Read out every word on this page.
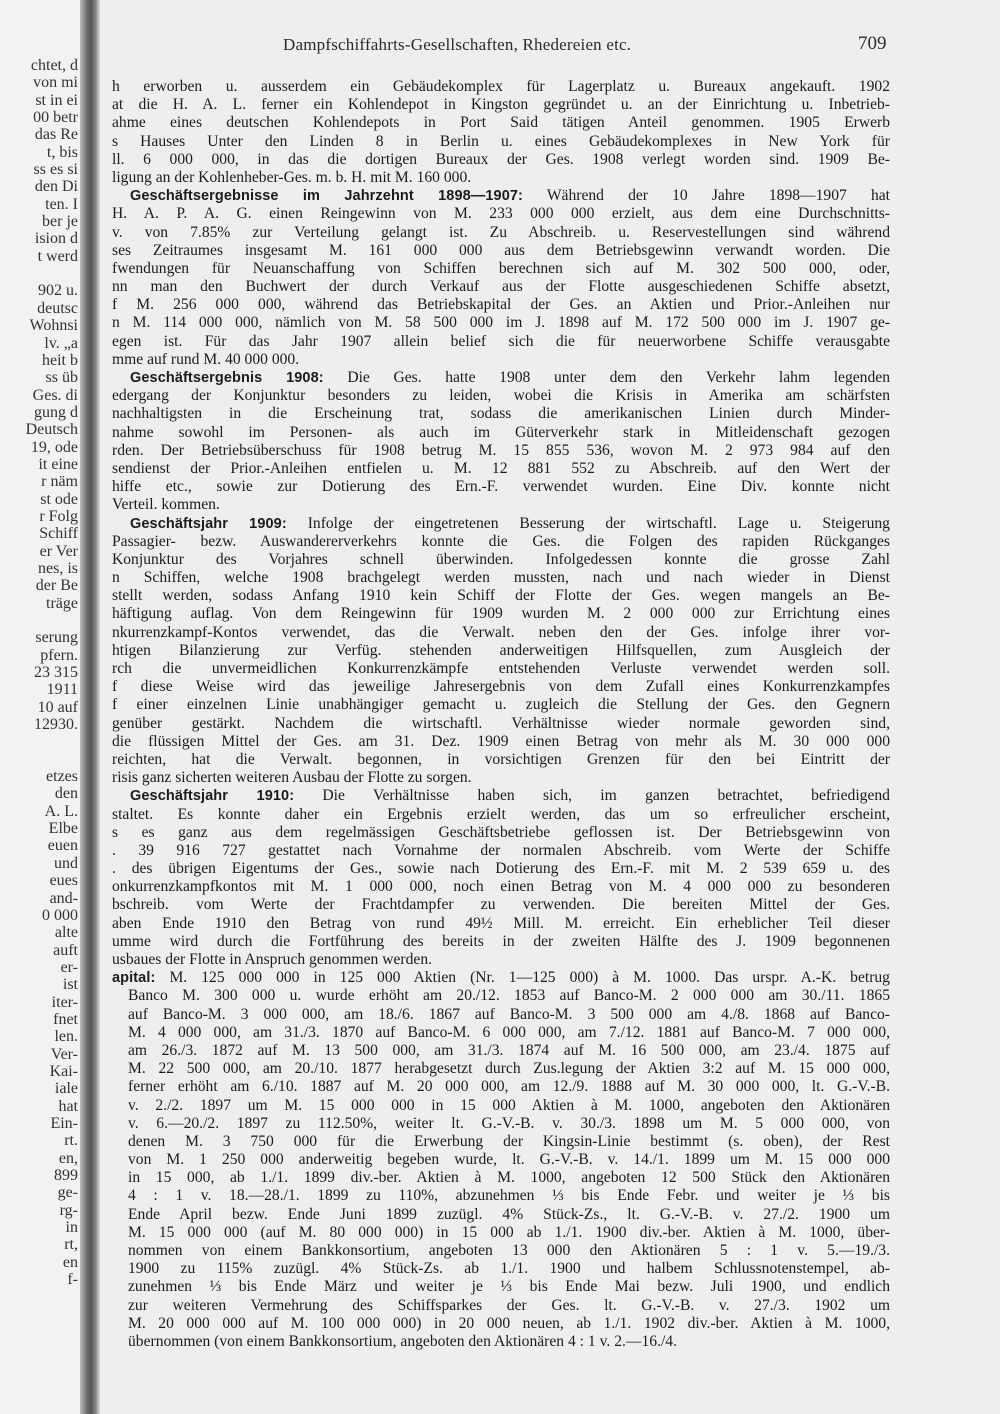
chtet, d
von mi
st in ei
00 betr
das Re
t, bis
ss es si
den Di
ten. I
ber je
ision d
t werd
902 u.
deutsc
Wohnsi
lv. „a
heit b
ss üb
Ges. di
gung d
Deutsch
19, ode
it eine
r näm
st ode
r Folg
Schiff
er Ver
nes, is
der Be
träge
serung
pfern.
23 315
1911
10 auf
12930.
etzes
den
A. L.
Elbe
euen
und
eues
and-
0 000
alte
auft
er-
ist
iter-
fnet
len.
Ver-
Kai-
iale
hat
Ein-
rt.
en,
899
ge-
rg-
in
rt,
en
f-
Dampfschiffahrts-Gesellschaften, Rhedereien etc.	709
h erworben u. ausserdem ein Gebäudekomplex für Lagerplatz u. Bureaux angekauft. 1902
at die H. A. L. ferner ein Kohlendepot in Kingston gegründet u. an der Einrichtung u. Inbetrieb-
ahme eines deutschen Kohlendepots in Port Said tätigen Anteil genommen. 1905 Erwerb
s Hauses Unter den Linden 8 in Berlin u. eines Gebäudekomplexes in New York für
ll. 6 000 000, in das die dortigen Bureaux der Ges. 1908 verlegt worden sind. 1909 Be-
ligung an der Kohlenheber-Ges. m. b. H. mit M. 160 000.
Geschäftsergebnisse im Jahrzehnt 1898—1907: Während der 10 Jahre 1898—1907 hat
H. A. P. A. G. einen Reingewinn von M. 233 000 000 erzielt, aus dem eine Durchschnitts-
v. von 7.85% zur Verteilung gelangt ist. Zu Abschreib. u. Reservestellungen sind während
ses Zeitraumes insgesamt M. 161 000 000 aus dem Betriebsgewinn verwandt worden. Die
fwendungen für Neuanschaffung von Schiffen berechnen sich auf M. 302 500 000, oder,
nn man den Buchwert der durch Verkauf aus der Flotte ausgeschiedenen Schiffe absetzt,
f M. 256 000 000, während das Betriebskapital der Ges. an Aktien und Prior.-Anleihen nur
n M. 114 000 000, nämlich von M. 58 500 000 im J. 1898 auf M. 172 500 000 im J. 1907 ge-
egen ist. Für das Jahr 1907 allein belief sich die für neuerworbene Schiffe verausgabte
mme auf rund M. 40 000 000.
Geschäftsergebnis 1908: Die Ges. hatte 1908 unter dem den Verkehr lahm legenden
edergang der Konjunktur besonders zu leiden, wobei die Krisis in Amerika am schärfsten
nachhaltigsten in die Erscheinung trat, sodass die amerikanischen Linien durch Minder-
nahme sowohl im Personen- als auch im Güterverkehr stark in Mitleidenschaft gezogen
rden. Der Betriebsüberschuss für 1908 betrug M. 15 855 536, wovon M. 2 973 984 auf den
sendienst der Prior.-Anleihen entfielen u. M. 12 881 552 zu Abschreib. auf den Wert der
hiffe etc., sowie zur Dotierung des Ern.-F. verwendet wurden. Eine Div. konnte nicht
Verteil. kommen.
Geschäftsjahr 1909: Infolge der eingetretenen Besserung der wirtschaftl. Lage u. Steigerung
Passagier- bezw. Auswandererverkehrs konnte die Ges. die Folgen des rapiden Rückganges
Konjunktur des Vorjahres schnell überwinden. Infolgedessen konnte die grosse Zahl
n Schiffen, welche 1908 brachgelegt werden mussten, nach und nach wieder in Dienst
stellt werden, sodass Anfang 1910 kein Schiff der Flotte der Ges. wegen mangels an Be-
häftigung auflag. Von dem Reingewinn für 1909 wurden M. 2 000 000 zur Errichtung eines
nkurrenzkampf-Kontos verwendet, das die Verwalt. neben den der Ges. infolge ihrer vor-
htigen Bilanzierung zur Verfüg. stehenden anderweitigen Hilfsquellen, zum Ausgleich der
rch die unvermeidlichen Konkurrenzkämpfe entstehenden Verluste verwendet werden soll.
f diese Weise wird das jeweilige Jahresergebnis von dem Zufall eines Konkurrenzkampfes
f einer einzelnen Linie unabhängiger gemacht u. zugleich die Stellung der Ges. den Gegnern
genüber gestärkt. Nachdem die wirtschaftl. Verhältnisse wieder normale geworden sind,
die flüssigen Mittel der Ges. am 31. Dez. 1909 einen Betrag von mehr als M. 30 000 000
reichten, hat die Verwalt. begonnen, in vorsichtigen Grenzen für den bei Eintritt der
risis ganz sicherten weiteren Ausbau der Flotte zu sorgen.
Geschäftsjahr 1910: Die Verhältnisse haben sich, im ganzen betrachtet, befriedigend
staltet. Es konnte daher ein Ergebnis erzielt werden, das um so erfreulicher erscheint,
s es ganz aus dem regelmässigen Geschäftsbetriebe geflossen ist. Der Betriebsgewinn von
. 39 916 727 gestattet nach Vornahme der normalen Abschreib. vom Werte der Schiffe
. des übrigen Eigentums der Ges., sowie nach Dotierung des Ern.-F. mit M. 2 539 659 u. des
onkurrenzkampfkontos mit M. 1 000 000, noch einen Betrag von M. 4 000 000 zu besonderen
bschreib. vom Werte der Frachtdampfer zu verwenden. Die bereiten Mittel der Ges.
aben Ende 1910 den Betrag von rund 49½ Mill. M. erreicht. Ein erheblicher Teil dieser
umme wird durch die Fortführung des bereits in der zweiten Hälfte des J. 1909 begonnenen
usbaues der Flotte in Anspruch genommen werden.
apital: M. 125 000 000 in 125 000 Aktien (Nr. 1—125 000) à M. 1000. Das urspr. A.-K. betrug
Banco M. 300 000 u. wurde erhöht am 20./12. 1853 auf Banco-M. 2 000 000 am 30./11. 1865
auf Banco-M. 3 000 000, am 18./6. 1867 auf Banco-M. 3 500 000 am 4./8. 1868 auf Banco-
M. 4 000 000, am 31./3. 1870 auf Banco-M. 6 000 000, am 7./12. 1881 auf Banco-M. 7 000 000,
am 26./3. 1872 auf M. 13 500 000, am 31./3. 1874 auf M. 16 500 000, am 23./4. 1875 auf
M. 22 500 000, am 20./10. 1877 herabgesetzt durch Zus.legung der Aktien 3:2 auf M. 15 000 000,
ferner erhöht am 6./10. 1887 auf M. 20 000 000, am 12./9. 1888 auf M. 30 000 000, lt. G.-V.-B.
v. 2./2. 1897 um M. 15 000 000 in 15 000 Aktien à M. 1000, angeboten den Aktionären
v. 6.—20./2. 1897 zu 112.50%, weiter lt. G.-V.-B. v. 30./3. 1898 um M. 5 000 000, von
denen M. 3 750 000 für die Erwerbung der Kingsin-Linie bestimmt (s. oben), der Rest
von M. 1 250 000 anderweitig begeben wurde, lt. G.-V.-B. v. 14./1. 1899 um M. 15 000 000
in 15 000, ab 1./1. 1899 div.-ber. Aktien à M. 1000, angeboten 12 500 Stück den Aktionären
4 : 1 v. 18.—28./1. 1899 zu 110%, abzunehmen ⅓ bis Ende Febr. und weiter je ⅓ bis
Ende April bezw. Ende Juni 1899 zuzügl. 4% Stück-Zs., lt. G.-V.-B. v. 27./2. 1900 um
M. 15 000 000 (auf M. 80 000 000) in 15 000 ab 1./1. 1900 div.-ber. Aktien à M. 1000, über-
nommen von einem Bankkonsortium, angeboten 13 000 den Aktionären 5 : 1 v. 5.—19./3.
1900 zu 115% zuzügl. 4% Stück-Zs. ab 1./1. 1900 und halbem Schlussnotenstempel, ab-
zunehmen ⅓ bis Ende März und weiter je ⅓ bis Ende Mai bezw. Juli 1900, und endlich
zur weiteren Vermehrung des Schiffsparkes der Ges. lt. G.-V.-B. v. 27./3. 1902 um
M. 20 000 000 auf M. 100 000 000) in 20 000 neuen, ab 1./1. 1902 div.-ber. Aktien à M. 1000,
übernommen (von einem Bankkonsortium, angeboten den Aktionären 4 : 1 v. 2.—16./4.
